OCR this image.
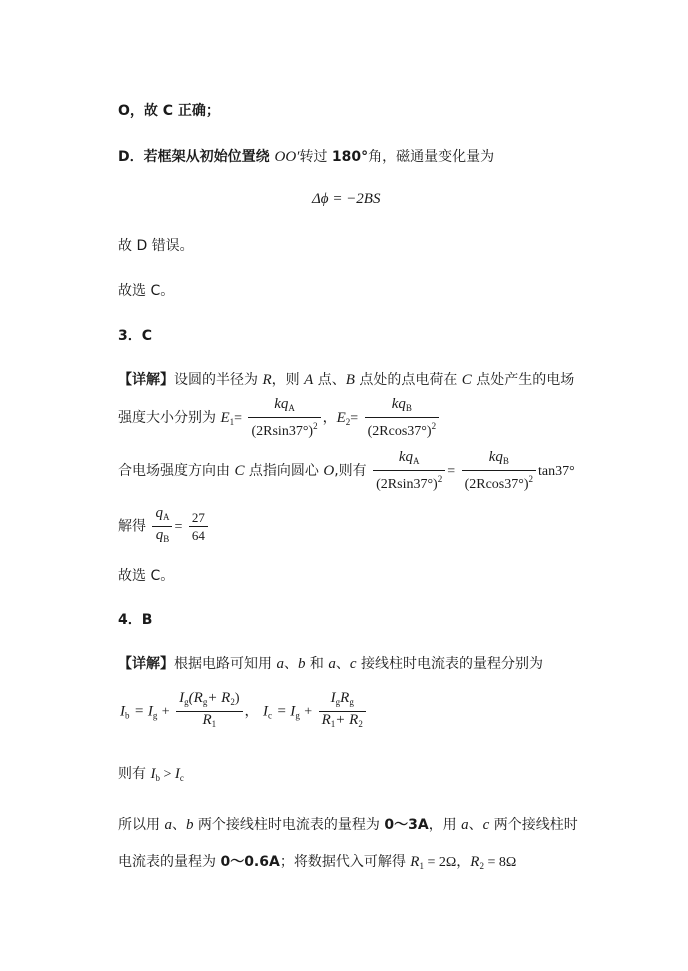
O，故 C 正确；
D．若框架从初始位置绕 OO′转过 180°角，磁通量变化量为
Δϕ = −2BS
故 D 错误。
故选 C。
3．C
【详解】设圆的半径为 R，则 A 点、B 点处的点电荷在 C 点处产生的电场
强度大小分别为 $E_1= \frac{kq_A}{(2Rsin37^\circ)^2}$ ，$E_2= \frac{kq_B}{(2Rcos37^\circ)^2}$
合电场强度方向由 C 点指向圆心 O,则有 $\frac{kq_A}{(2Rsin37^\circ)^2} = \frac{kq_B}{(2Rcos37^\circ)^2} \tan 37^\circ$
解得 $\frac{q_A}{q_B} = \frac{27}{64}$
故选 C。
4．B
【详解】根据电路可知用 a、b 和 a、c 接线柱时电流表的量程分别为
$I_b = I_g + \frac{I_g(R_g+ R_2)}{R_1}$ ， $I_c = I_g + \frac{I_gR_g}{R_1+ R_2}$
则有 $I_b > I_c$
所以用 a、b 两个接线柱时电流表的量程为 0～3A，用 a、c 两个接线柱时
电流表的量程为 0～0.6A；将数据代入可解得 $R_1 = 2\Omega$，$R_2 = 8\Omega$
